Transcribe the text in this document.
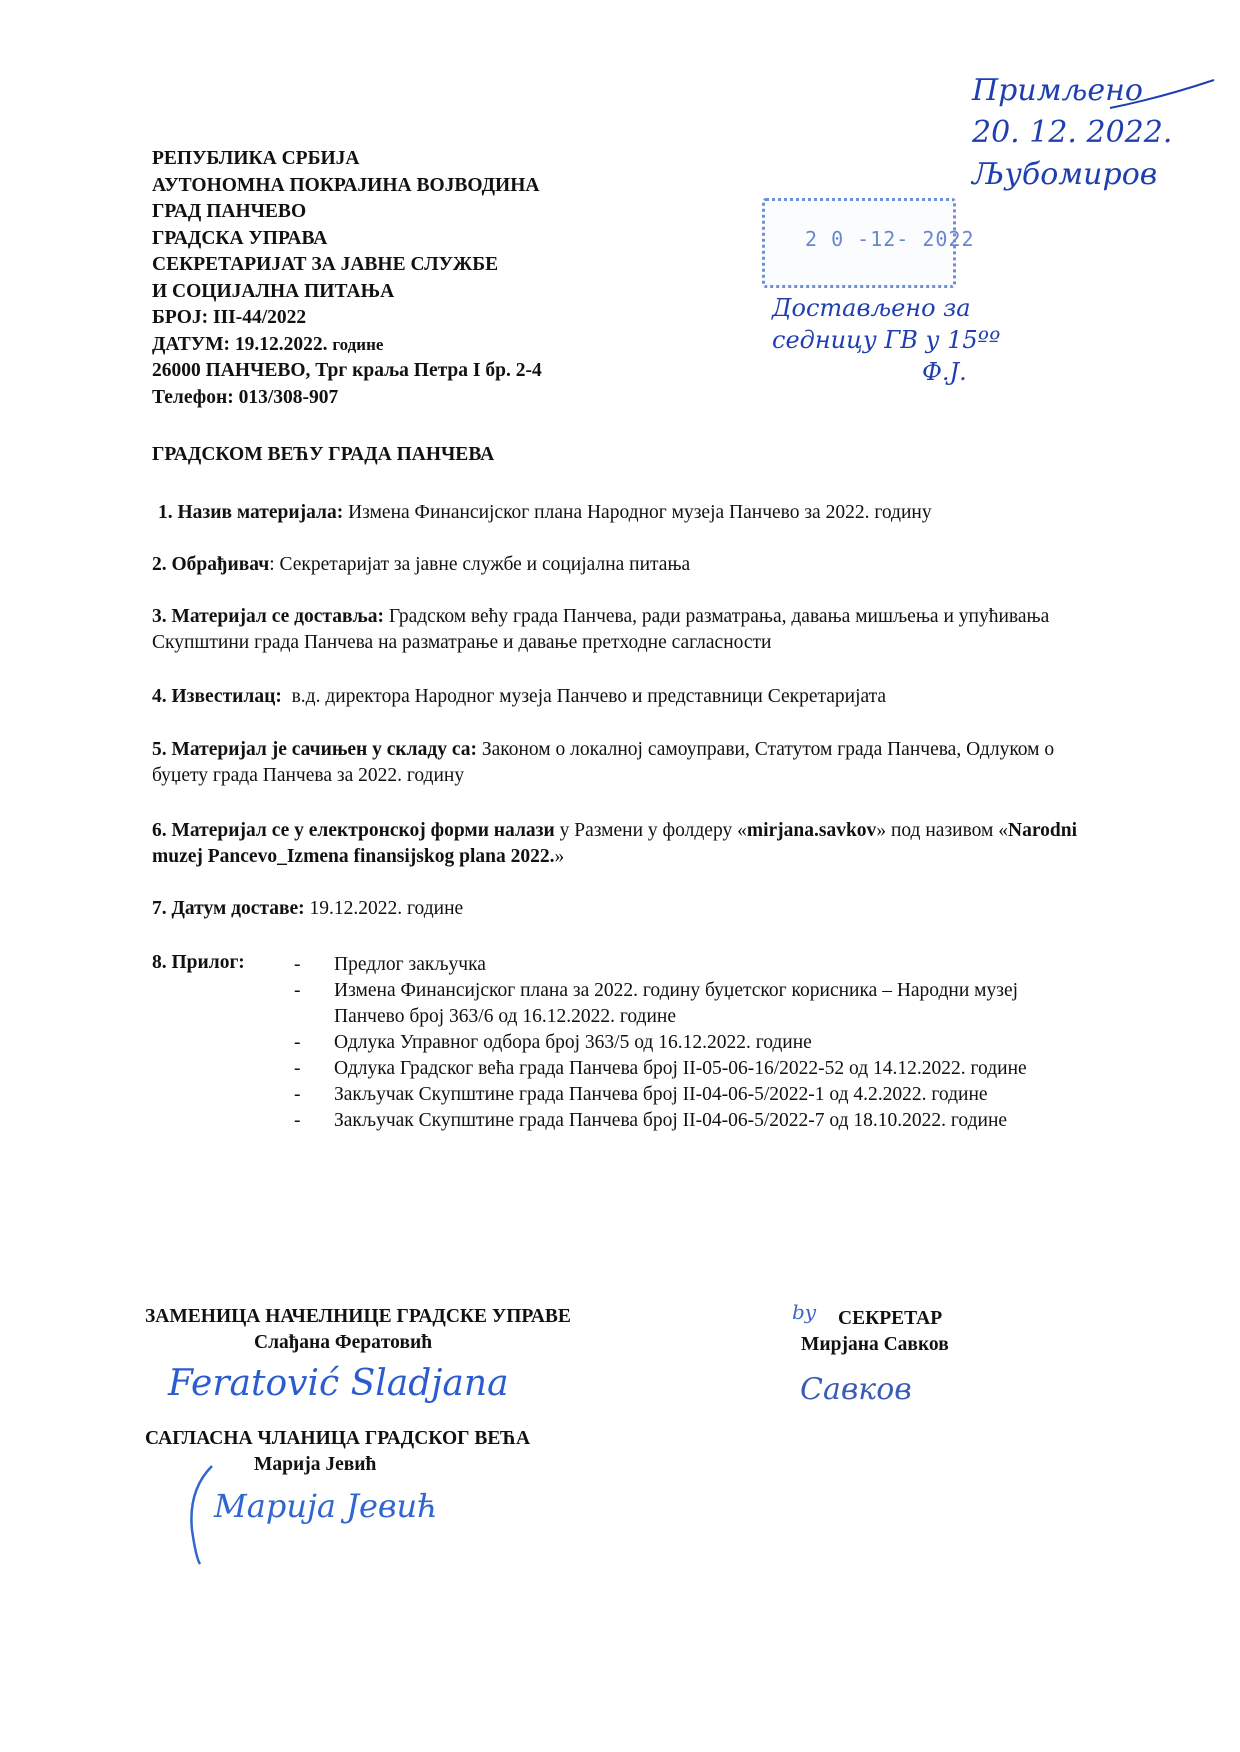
РЕПУБЛИКА СРБИЈА
АУТОНОМНА ПОКРАЈИНА ВОЈВОДИНА
ГРАД ПАНЧЕВО
ГРАДСКА УПРАВА
СЕКРЕТАРИЈАТ ЗА ЈАВНЕ СЛУЖБЕ
И СОЦИЈАЛНА ПИТАЊА
БРОЈ: III-44/2022
ДАТУМ: 19.12.2022. године
26000 ПАНЧЕВО, Трг краља Петра I бр. 2-4
Телефон: 013/308-907
Примљено
20. 12. 2022.
Љубомиров
2 0 -12- 2022
Достављено за
седницу ГВ у 15ºº
Ф.Ј.
ГРАДСКОМ ВЕЋУ ГРАДА ПАНЧЕВА
1. Назив материјала: Измена Финансијског плана Народног музеја Панчево за 2022. годину
2. Обрађивач: Секретаријат за јавне службе и социјална питања
3. Материјал се доставља: Градском већу града Панчева, ради разматрања, давања мишљења и упућивања Скупштини града Панчева на разматрање и давање претходне сагласности
4. Известилац: в.д. директора Народног музеја Панчево и представници Секретаријата
5. Материјал је сачињен у складу са: Законом о локалној самоуправи, Статутом града Панчева, Одлуком о буџету града Панчева за 2022. годину
6. Материјал се у електронској форми налази у Размени у фолдеру «mirjana.savkov» под називом «Narodni muzej Pancevo_Izmena finansijskog plana 2022.»
7. Датум доставе: 19.12.2022. године
8. Прилог:	- Предлог закључка
- Измена Финансијског плана за 2022. годину буџетског корисника – Народни музеј Панчево број 363/6 од 16.12.2022. године
- Одлука Управног одбора број 363/5 од 16.12.2022. године
- Одлука Градског већа града Панчева број II-05-06-16/2022-52 од 14.12.2022. године
- Закључак Скупштине града Панчева број II-04-06-5/2022-1 од 4.2.2022. године
- Закључак Скупштине града Панчева број II-04-06-5/2022-7 од 18.10.2022. године
ЗАМЕНИЦА НАЧЕЛНИЦЕ ГРАДСКЕ УПРАВЕ
Слађана Ферaтовић
Feratović Sladjana
by СЕКРЕТАР
Мирјана Савков
Савков
САГЛАСНА ЧЛАНИЦА ГРАДСКОГ ВЕЋА
Марија Јевић
Марија Јевић
